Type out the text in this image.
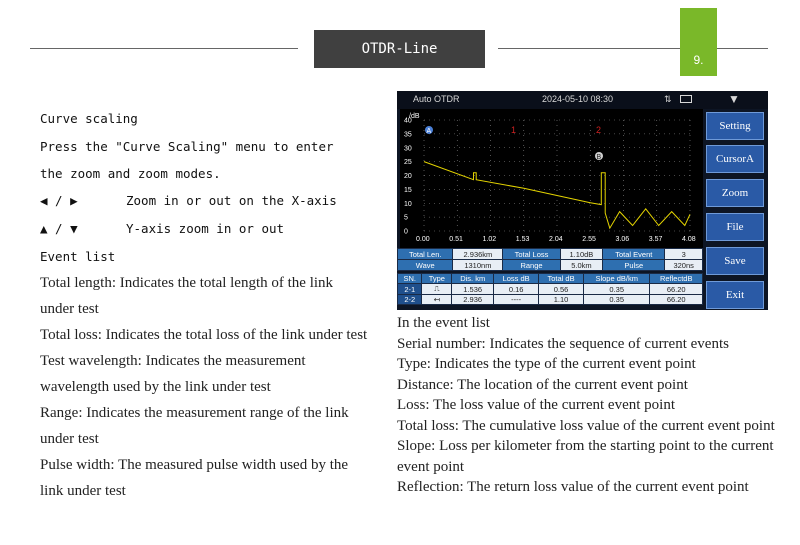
OTDR-Line
9.
Curve scaling
Press the "Curve Scaling" menu to enter
the zoom and zoom modes.
◀ / ▶	Zoom in or out on the X-axis
▲ / ▼	Y-axis zoom in or out
Event list
Total length: Indicates the total length of the link under test
Total loss: Indicates the total loss of the link under test
Test wavelength: Indicates the measurement wavelength used by the link under test
Range: Indicates the measurement range of the link under test
Pulse width: The measured pulse width used by the link under test
Auto OTDR	2024-05-10 08:30	⇅	▼
40
35
30
25
20
15
10
5
0
0.00	0.51	1.02	1.53	2.04	2.55	3.06	3.57	4.08
/dB
A
B
1	2
Total Len.	2.936km	Total Loss	1.10dB	Total Event	3
Wave	1310nm	Range	5.0km	Pulse	320ns
SN.	Type	Dis. km	Loss dB	Total dB	Slope dB/km	ReflectdB
2-1	⎍	1.536	0.16	0.56	0.35	66.20
2-2	↤	2.936	----	1.10	0.35	66.20
Setting
CursorA
Zoom
File
Save
Exit
In the event list
Serial number: Indicates the sequence of current events
Type: Indicates the type of the current event point
Distance: The location of the current event point
Loss: The loss value of the current event point
Total loss: The cumulative loss value of the current event point
Slope: Loss per kilometer from the starting point to the current event point
Reflection: The return loss value of the current event point
